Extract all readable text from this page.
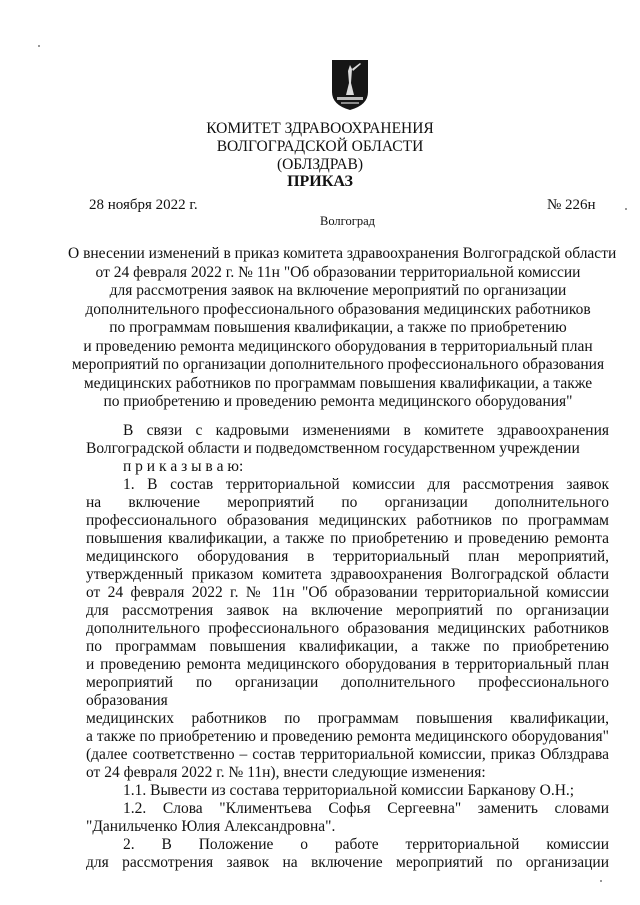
КОМИТЕТ ЗДРАВООХРАНЕНИЯ
ВОЛГОГРАДСКОЙ ОБЛАСТИ
(ОБЛЗДРАВ)
ПРИКАЗ
28 ноября 2022 г.	№ 226н
Волгоград
О внесении изменений в приказ комитета здравоохранения Волгоградской области
от 24 февраля 2022 г. № 11н "Об образовании территориальной комиссии
для рассмотрения заявок на включение мероприятий по организации
дополнительного профессионального образования медицинских работников
по программам повышения квалификации, а также по приобретению
и проведению ремонта медицинского оборудования в территориальный план
мероприятий по организации дополнительного профессионального образования
медицинских работников по программам повышения квалификации, а также
по приобретению и проведению ремонта медицинского оборудования"
В связи с кадровыми изменениями в комитете здравоохранения
Волгоградской области и подведомственном государственном учреждении
п р и к а з ы в а ю:
1. В состав территориальной комиссии для рассмотрения заявок
на включение мероприятий по организации дополнительного
профессионального образования медицинских работников по программам
повышения квалификации, а также по приобретению и проведению ремонта
медицинского оборудования в территориальный план мероприятий,
утвержденный приказом комитета здравоохранения Волгоградской области
от 24 февраля 2022 г. № 11н "Об образовании территориальной комиссии
для рассмотрения заявок на включение мероприятий по организации
дополнительного профессионального образования медицинских работников
по программам повышения квалификации, а также по приобретению
и проведению ремонта медицинского оборудования в территориальный план
мероприятий по организации дополнительного профессионального образования
медицинских работников по программам повышения квалификации,
а также по приобретению и проведению ремонта медицинского оборудования"
(далее соответственно – состав территориальной комиссии, приказ Облздрава
от 24 февраля 2022 г. № 11н), внести следующие изменения:
1.1. Вывести из состава территориальной комиссии Барканову О.Н.;
1.2. Слова "Климентьева Софья Сергеевна" заменить словами
"Данильченко Юлия Александровна".
2. В Положение о работе территориальной комиссии
для рассмотрения заявок на включение мероприятий по организации
